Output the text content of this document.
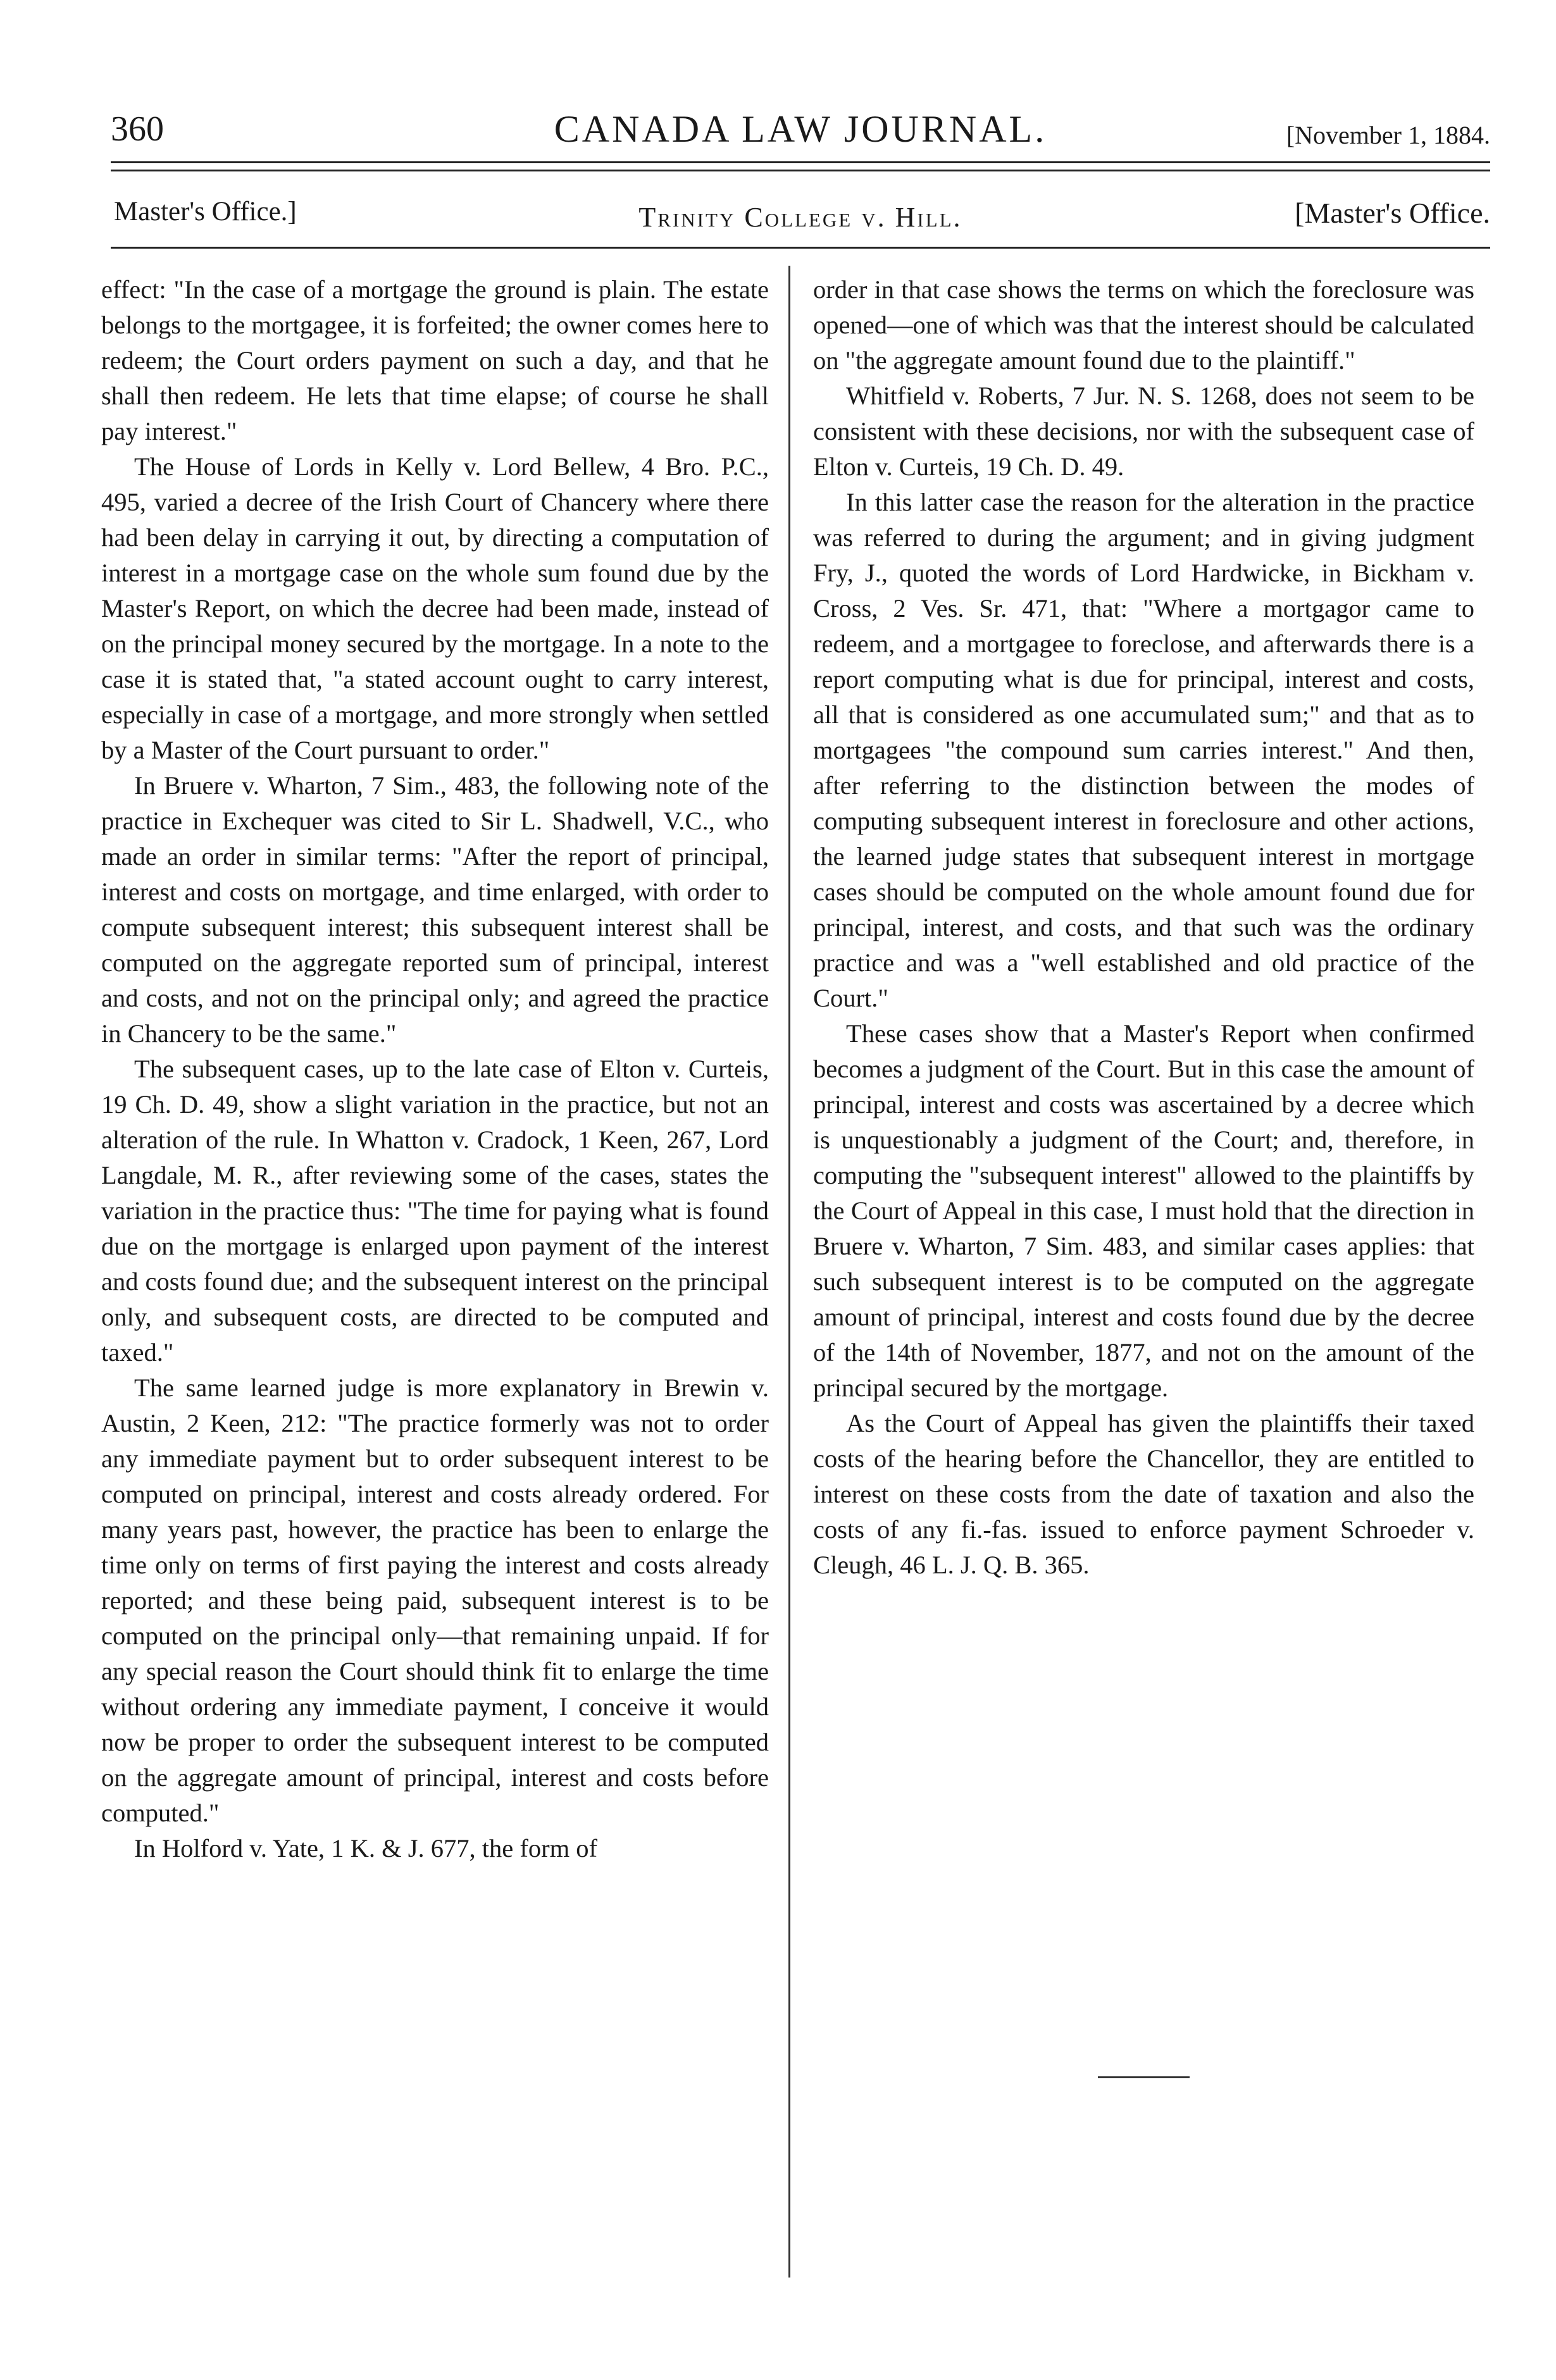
360	CANADA LAW JOURNAL.	[November 1, 1884.
Master's Office.]	Trinity College v. Hill.	[Master's Office.

effect: "In the case of a mortgage the ground is plain. The estate belongs to the mortgagee, it is forfeited; the owner comes here to redeem; the Court orders payment on such a day, and that he shall then redeem. He lets that time elapse; of course he shall pay interest."

The House of Lords in Kelly v. Lord Bellew, 4 Bro. P.C., 495, varied a decree of the Irish Court of Chancery where there had been delay in carrying it out, by directing a computation of interest in a mortgage case on the whole sum found due by the Master's Report, on which the decree had been made, instead of on the principal money secured by the mortgage. In a note to the case it is stated that, "a stated account ought to carry interest, especially in case of a mortgage, and more strongly when settled by a Master of the Court pursuant to order."

In Bruere v. Wharton, 7 Sim., 483, the following note of the practice in Exchequer was cited to Sir L. Shadwell, V.C., who made an order in similar terms: "After the report of principal, interest and costs on mortgage, and time enlarged, with order to compute subsequent interest; this subsequent interest shall be computed on the aggregate reported sum of principal, interest and costs, and not on the principal only; and agreed the practice in Chancery to be the same."

The subsequent cases, up to the late case of Elton v. Curteis, 19 Ch. D. 49, show a slight variation in the practice, but not an alteration of the rule. In Whatton v. Cradock, 1 Keen, 267, Lord Langdale, M. R., after reviewing some of the cases, states the variation in the practice thus: "The time for paying what is found due on the mortgage is enlarged upon payment of the interest and costs found due; and the subsequent interest on the principal only, and subsequent costs, are directed to be computed and taxed."

The same learned judge is more explanatory in Brewin v. Austin, 2 Keen, 212: "The practice formerly was not to order any immediate payment but to order subsequent interest to be computed on principal, interest and costs already ordered. For many years past, however, the practice has been to enlarge the time only on terms of first paying the interest and costs already reported; and these being paid, subsequent interest is to be computed on the principal only—that remaining unpaid. If for any special reason the Court should think fit to enlarge the time without ordering any immediate payment, I conceive it would now be proper to order the subsequent interest to be computed on the aggregate amount of principal, interest and costs before computed."

In Holford v. Yate, 1 K. & J. 677, the form of

order in that case shows the terms on which the foreclosure was opened—one of which was that the interest should be calculated on "the aggregate amount found due to the plaintiff."

Whitfield v. Roberts, 7 Jur. N. S. 1268, does not seem to be consistent with these decisions, nor with the subsequent case of Elton v. Curteis, 19 Ch. D. 49.

In this latter case the reason for the alteration in the practice was referred to during the argument; and in giving judgment Fry, J., quoted the words of Lord Hardwicke, in Bickham v. Cross, 2 Ves. Sr. 471, that: "Where a mortgagor came to redeem, and a mortgagee to foreclose, and afterwards there is a report computing what is due for principal, interest and costs, all that is considered as one accumulated sum;" and that as to mortgagees "the compound sum carries interest." And then, after referring to the distinction between the modes of computing subsequent interest in foreclosure and other actions, the learned judge states that subsequent interest in mortgage cases should be computed on the whole amount found due for principal, interest, and costs, and that such was the ordinary practice and was a "well established and old practice of the Court."

These cases show that a Master's Report when confirmed becomes a judgment of the Court. But in this case the amount of principal, interest and costs was ascertained by a decree which is unquestionably a judgment of the Court; and, therefore, in computing the "subsequent interest" allowed to the plaintiffs by the Court of Appeal in this case, I must hold that the direction in Bruere v. Wharton, 7 Sim. 483, and similar cases applies: that such subsequent interest is to be computed on the aggregate amount of principal, interest and costs found due by the decree of the 14th of November, 1877, and not on the amount of the principal secured by the mortgage.

As the Court of Appeal has given the plaintiffs their taxed costs of the hearing before the Chancellor, they are entitled to interest on these costs from the date of taxation and also the costs of any fi.-fas. issued to enforce payment Schroeder v. Cleugh, 46 L. J. Q. B. 365.
